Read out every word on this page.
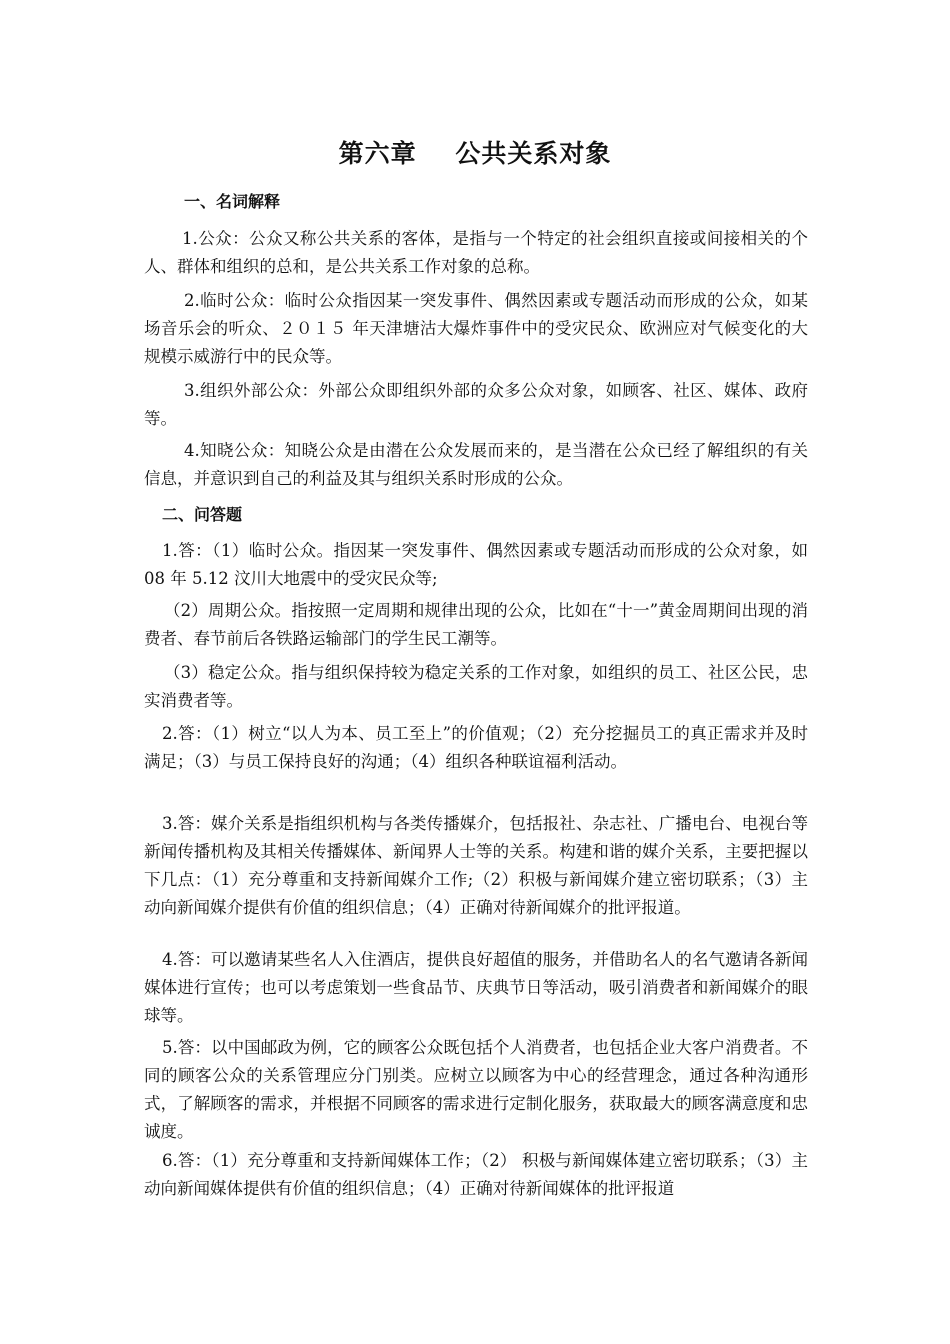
第六章    公共关系对象
一、名词解释

1.公众：公众又称公共关系的客体，是指与一个特定的社会组织直接或间接相关的个人、群体和组织的总和，是公共关系工作对象的总称。

2.临时公众：临时公众指因某一突发事件、偶然因素或专题活动而形成的公众，如某场音乐会的听众、２０１５ 年天津塘沽大爆炸事件中的受灾民众、欧洲应对气候变化的大规模示威游行中的民众等。

3.组织外部公众：外部公众即组织外部的众多公众对象，如顾客、社区、媒体、政府等。

4.知晓公众：知晓公众是由潜在公众发展而来的，是当潜在公众已经了解组织的有关信息，并意识到自己的利益及其与组织关系时形成的公众。

二、问答题

1.答：（1）临时公众。指因某一突发事件、偶然因素或专题活动而形成的公众对象，如 08 年 5.12 汶川大地震中的受灾民众等;

（2）周期公众。指按照一定周期和规律出现的公众，比如在“十一”黄金周期间出现的消费者、春节前后各铁路运输部门的学生民工潮等。

（3）稳定公众。指与组织保持较为稳定关系的工作对象，如组织的员工、社区公民，忠实消费者等。

2.答：（1）树立“以人为本、员工至上”的价值观；（2）充分挖掘员工的真正需求并及时满足；（3）与员工保持良好的沟通；（4）组织各种联谊福利活动。

3.答：媒介关系是指组织机构与各类传播媒介，包括报社、杂志社、广播电台、电视台等新闻传播机构及其相关传播媒体、新闻界人士等的关系。构建和谐的媒介关系，主要把握以下几点：（1）充分尊重和支持新闻媒介工作;（2）积极与新闻媒介建立密切联系；（3）主动向新闻媒介提供有价值的组织信息；（4）正确对待新闻媒介的批评报道。

4.答：可以邀请某些名人入住酒店，提供良好超值的服务，并借助名人的名气邀请各新闻媒体进行宣传；也可以考虑策划一些食品节、庆典节日等活动，吸引消费者和新闻媒介的眼球等。

5.答：以中国邮政为例，它的顾客公众既包括个人消费者，也包括企业大客户消费者。不同的顾客公众的关系管理应分门别类。应树立以顾客为中心的经营理念，通过各种沟通形式，了解顾客的需求，并根据不同顾客的需求进行定制化服务，获取最大的顾客满意度和忠诚度。

6.答：（1）充分尊重和支持新闻媒体工作；（2） 积极与新闻媒体建立密切联系；（3）主动向新闻媒体提供有价值的组织信息；（4）正确对待新闻媒体的批评报道
